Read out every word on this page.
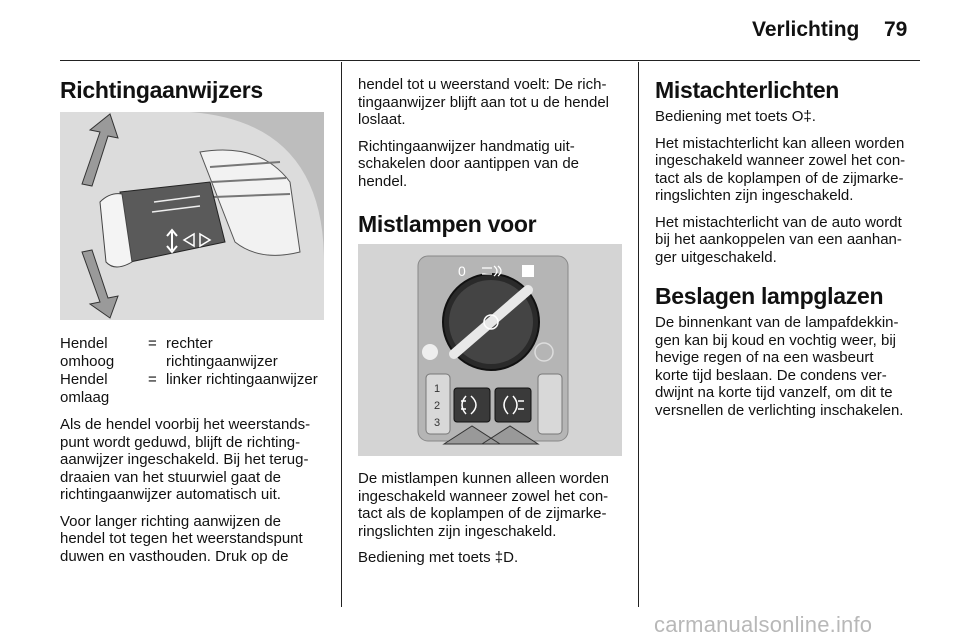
Verlichting 79
Richtingaanwijzers
Hendel omhoog
= rechter richtingaanwijzer
Hendel omlaag
= linker richtingaanwijzer

Als de hendel voorbij het weerstands-
punt wordt geduwd, blijft de richting-
aanwijzer ingeschakeld. Bij het terug-
draaien van het stuurwiel gaat de
richtingaanwijzer automatisch uit.

Voor langer richting aanwijzen de
hendel tot tegen het weerstandspunt
duwen en vasthouden. Druk op de

hendel tot u weerstand voelt: De rich-
tingaanwijzer blijft aan tot u de hendel
loslaat.

Richtingaanwijzer handmatig uit-
schakelen door aantippen van de
hendel.

Mistlampen voor
0
1
2
3

De mistlampen kunnen alleen worden
ingeschakeld wanneer zowel het con-
tact als de koplampen of de zijmarke-
ringslichten zijn ingeschakeld.

Bediening met toets ‡D.

Mistachterlichten

Bediening met toets O‡.

Het mistachterlicht kan alleen worden
ingeschakeld wanneer zowel het con-
tact als de koplampen of de zijmarke-
ringslichten zijn ingeschakeld.

Het mistachterlicht van de auto wordt
bij het aankoppelen van een aanhan-
ger uitgeschakeld.

Beslagen lampglazen

De binnenkant van de lampafdekkin-
gen kan bij koud en vochtig weer, bij
hevige regen of na een wasbeurt
korte tijd beslaan. De condens ver-
dwijnt na korte tijd vanzelf, om dit te
versnellen de verlichting inschakelen.

carmanualsonline.info
